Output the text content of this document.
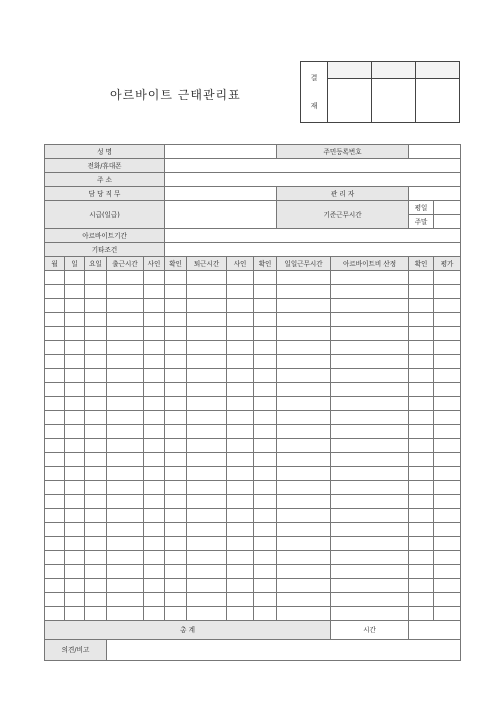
아르바이트 근태관리표
결
재			

성 명									주민등록번호			
전화/휴대폰												
주 소												
담 당 직 무									관 리 자			
시급(일급)									기준근무시간		평일	
											주말	
아르바이트기간												
기타조건												
월	일	요일	출근시간	사인	확인	퇴근시간	사인	확인	일일근무시간	아르바이트비 산정	확인	평가

총 계										시간		
의견/비고												
